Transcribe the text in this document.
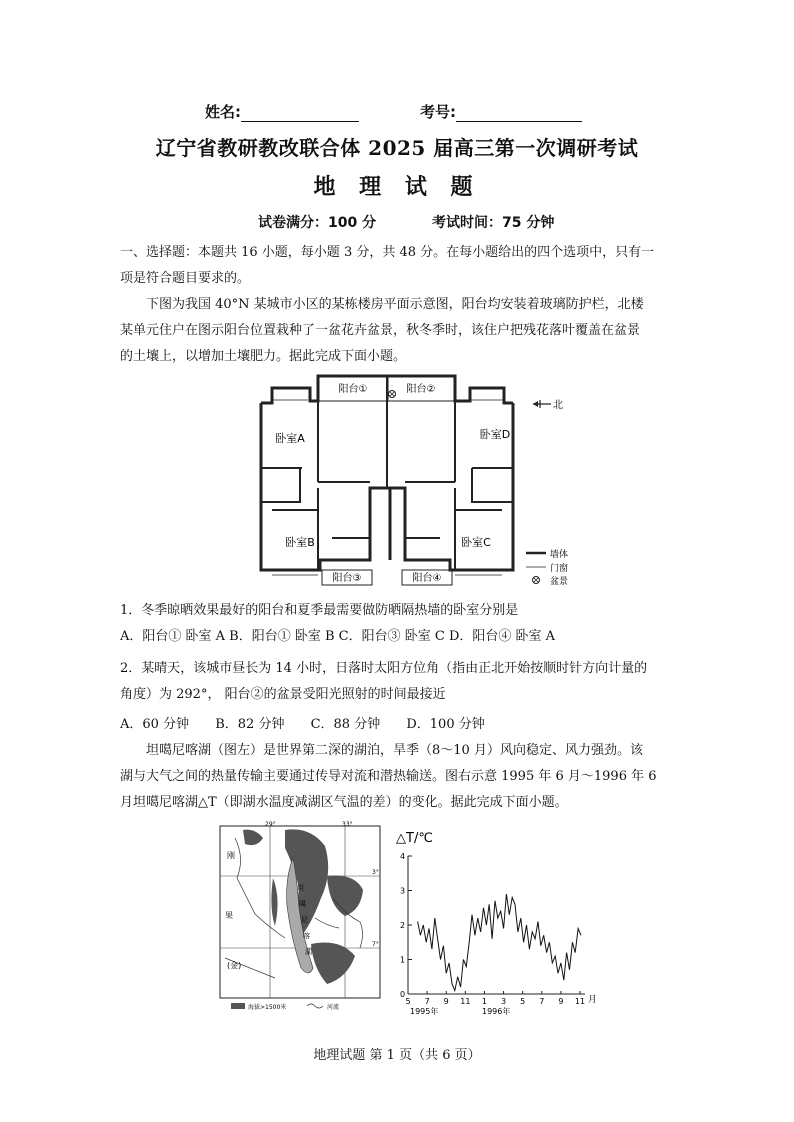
姓名:	考号:
辽宁省教研教改联合体 2025 届高三第一次调研考试
地 理 试 题
试卷满分：100 分	考试时间：75 分钟
一、选择题：本题共 16 小题，每小题 3 分，共 48 分。在每小题给出的四个选项中，只有一
项是符合题目要求的。
下图为我国 40°N 某城市小区的某栋楼房平面示意图，阳台均安装着玻璃防护栏，北楼
某单元住户在图示阳台位置栽种了一盆花卉盆景，秋冬季时，该住户把残花落叶覆盖在盆景
的土壤上，以增加土壤肥力。据此完成下面小题。
阳台①	阳台②
阳台③	阳台④
卧室A
卧室B	卧室C
卧室D
北
墙体
门窗
盆景
1．冬季晾晒效果最好的阳台和夏季最需要做防晒隔热墙的卧室分别是
A．阳台① 卧室 A B．阳台① 卧室 B C．阳台③ 卧室 C D．阳台④ 卧室 A
2．某晴天，该城市昼长为 14 小时，日落时太阳方位角（指由正北开始按顺时针方向计量的
角度）为 292°， 阳台②的盆景受阳光照射的时间最接近
A．60 分钟 B．82 分钟 C．88 分钟 D．100 分钟
坦噶尼喀湖（图左）是世界第二深的湖泊，旱季（8～10 月）风向稳定、风力强劲。该
湖与大气之间的热量传输主要通过传导对流和潜热输送。图右示意 1995 年 6 月～1996 年 6
月坦噶尼喀湖△T（即湖水温度减湖区气温的差）的变化。据此完成下面小题。
29°	33°
3°
7°
刚
果
(金)
坦
噶
尼
喀
湖
海拔>1500米	河流
△T/℃
0
1
2
3
4
5 7 9 11 1 3 5 7 9 11 月
1995年	1996年
地理试题 第 1 页（共 6 页）
